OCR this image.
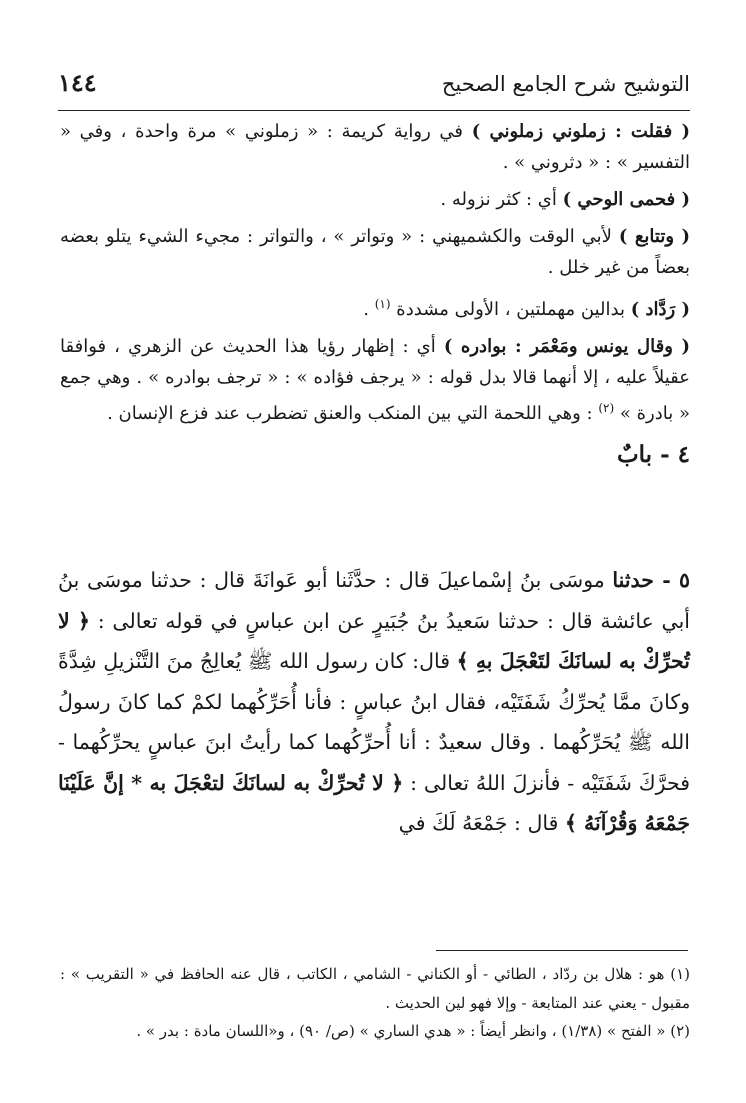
التوشيح شرح الجامع الصحيح
١٤٤

( فقلت : زملوني زملوني ) في رواية كريمة : « زملوني » مرة واحدة ، وفي « التفسير » : « دثروني » .

( فحمى الوحي ) أي : كثر نزوله .

( وتتابع ) لأبي الوقت والكشميهني : « وتواتر » ، والتواتر : مجيء الشيء يتلو بعضه بعضاً من غير خلل .

( رَدَّاد ) بدالين مهملتين ، الأولى مشددة $^{(١)}$ .

( وقال يونس ومَعْمَر : بوادره ) أي : إظهار رؤيا هذا الحديث عن الزهري ، فوافقا عقيلاً عليه ، إلا أنهما قالا بدل قوله : « يرجف فؤاده » : « ترجف بوادره » . وهي جمع « بادرة » $^{(٢)}$ : وهي اللحمة التي بين المنكب والعنق تضطرب عند فزع الإنسان .

٤ - بابٌ

٥ - حدثنا موسَى بنُ إسْماعيلَ قال : حدَّثَنا أبو عَوانَةَ قال : حدثنا موسَى بنُ أبي عائشة قال : حدثنا سَعيدُ بنُ جُبَيرٍ عن ابن عباسٍ في قوله تعالى : ﴿ لا تُحرِّكْ به لسانَكَ لتَعْجَلَ بهِ ﴾ قال: كان رسول الله ﷺ يُعالِجُ منَ التَّنْزيلِ شِدَّةً وكانَ ممَّا يُحرِّكُ شَفَتَيْه، فقال ابنُ عباسٍ : فأنا أُحَرِّكُهما لكمْ كما كانَ رسولُ الله ﷺ يُحَرِّكُهما . وقال سعيدٌ : أنا أُحرِّكُهما كما رأيتُ ابنَ عباسٍ يحرِّكُهما - فحرَّكَ شَفَتَيْه - فأنزلَ اللهُ تعالى : ﴿ لا تُحرِّكْ به لسانَكَ لتعْجَلَ به * إنَّ عَلَيْنَا جَمْعَهُ وَقُرْآنَهُ ﴾ قال : جَمْعَهُ لَكَ في

(١) هو : هلال بن ردّاد ، الطائي - أو الكناني - الشامي ، الكاتب ، قال عنه الحافظ في « التقريب » : مقبول - يعني عند المتابعة - وإلا فهو لين الحديث .

(٢) « الفتح » (١/٣٨) ، وانظر أيضاً : « هدي الساري » (ص/ ٩٠) ، و«اللسان مادة : بدر » .
